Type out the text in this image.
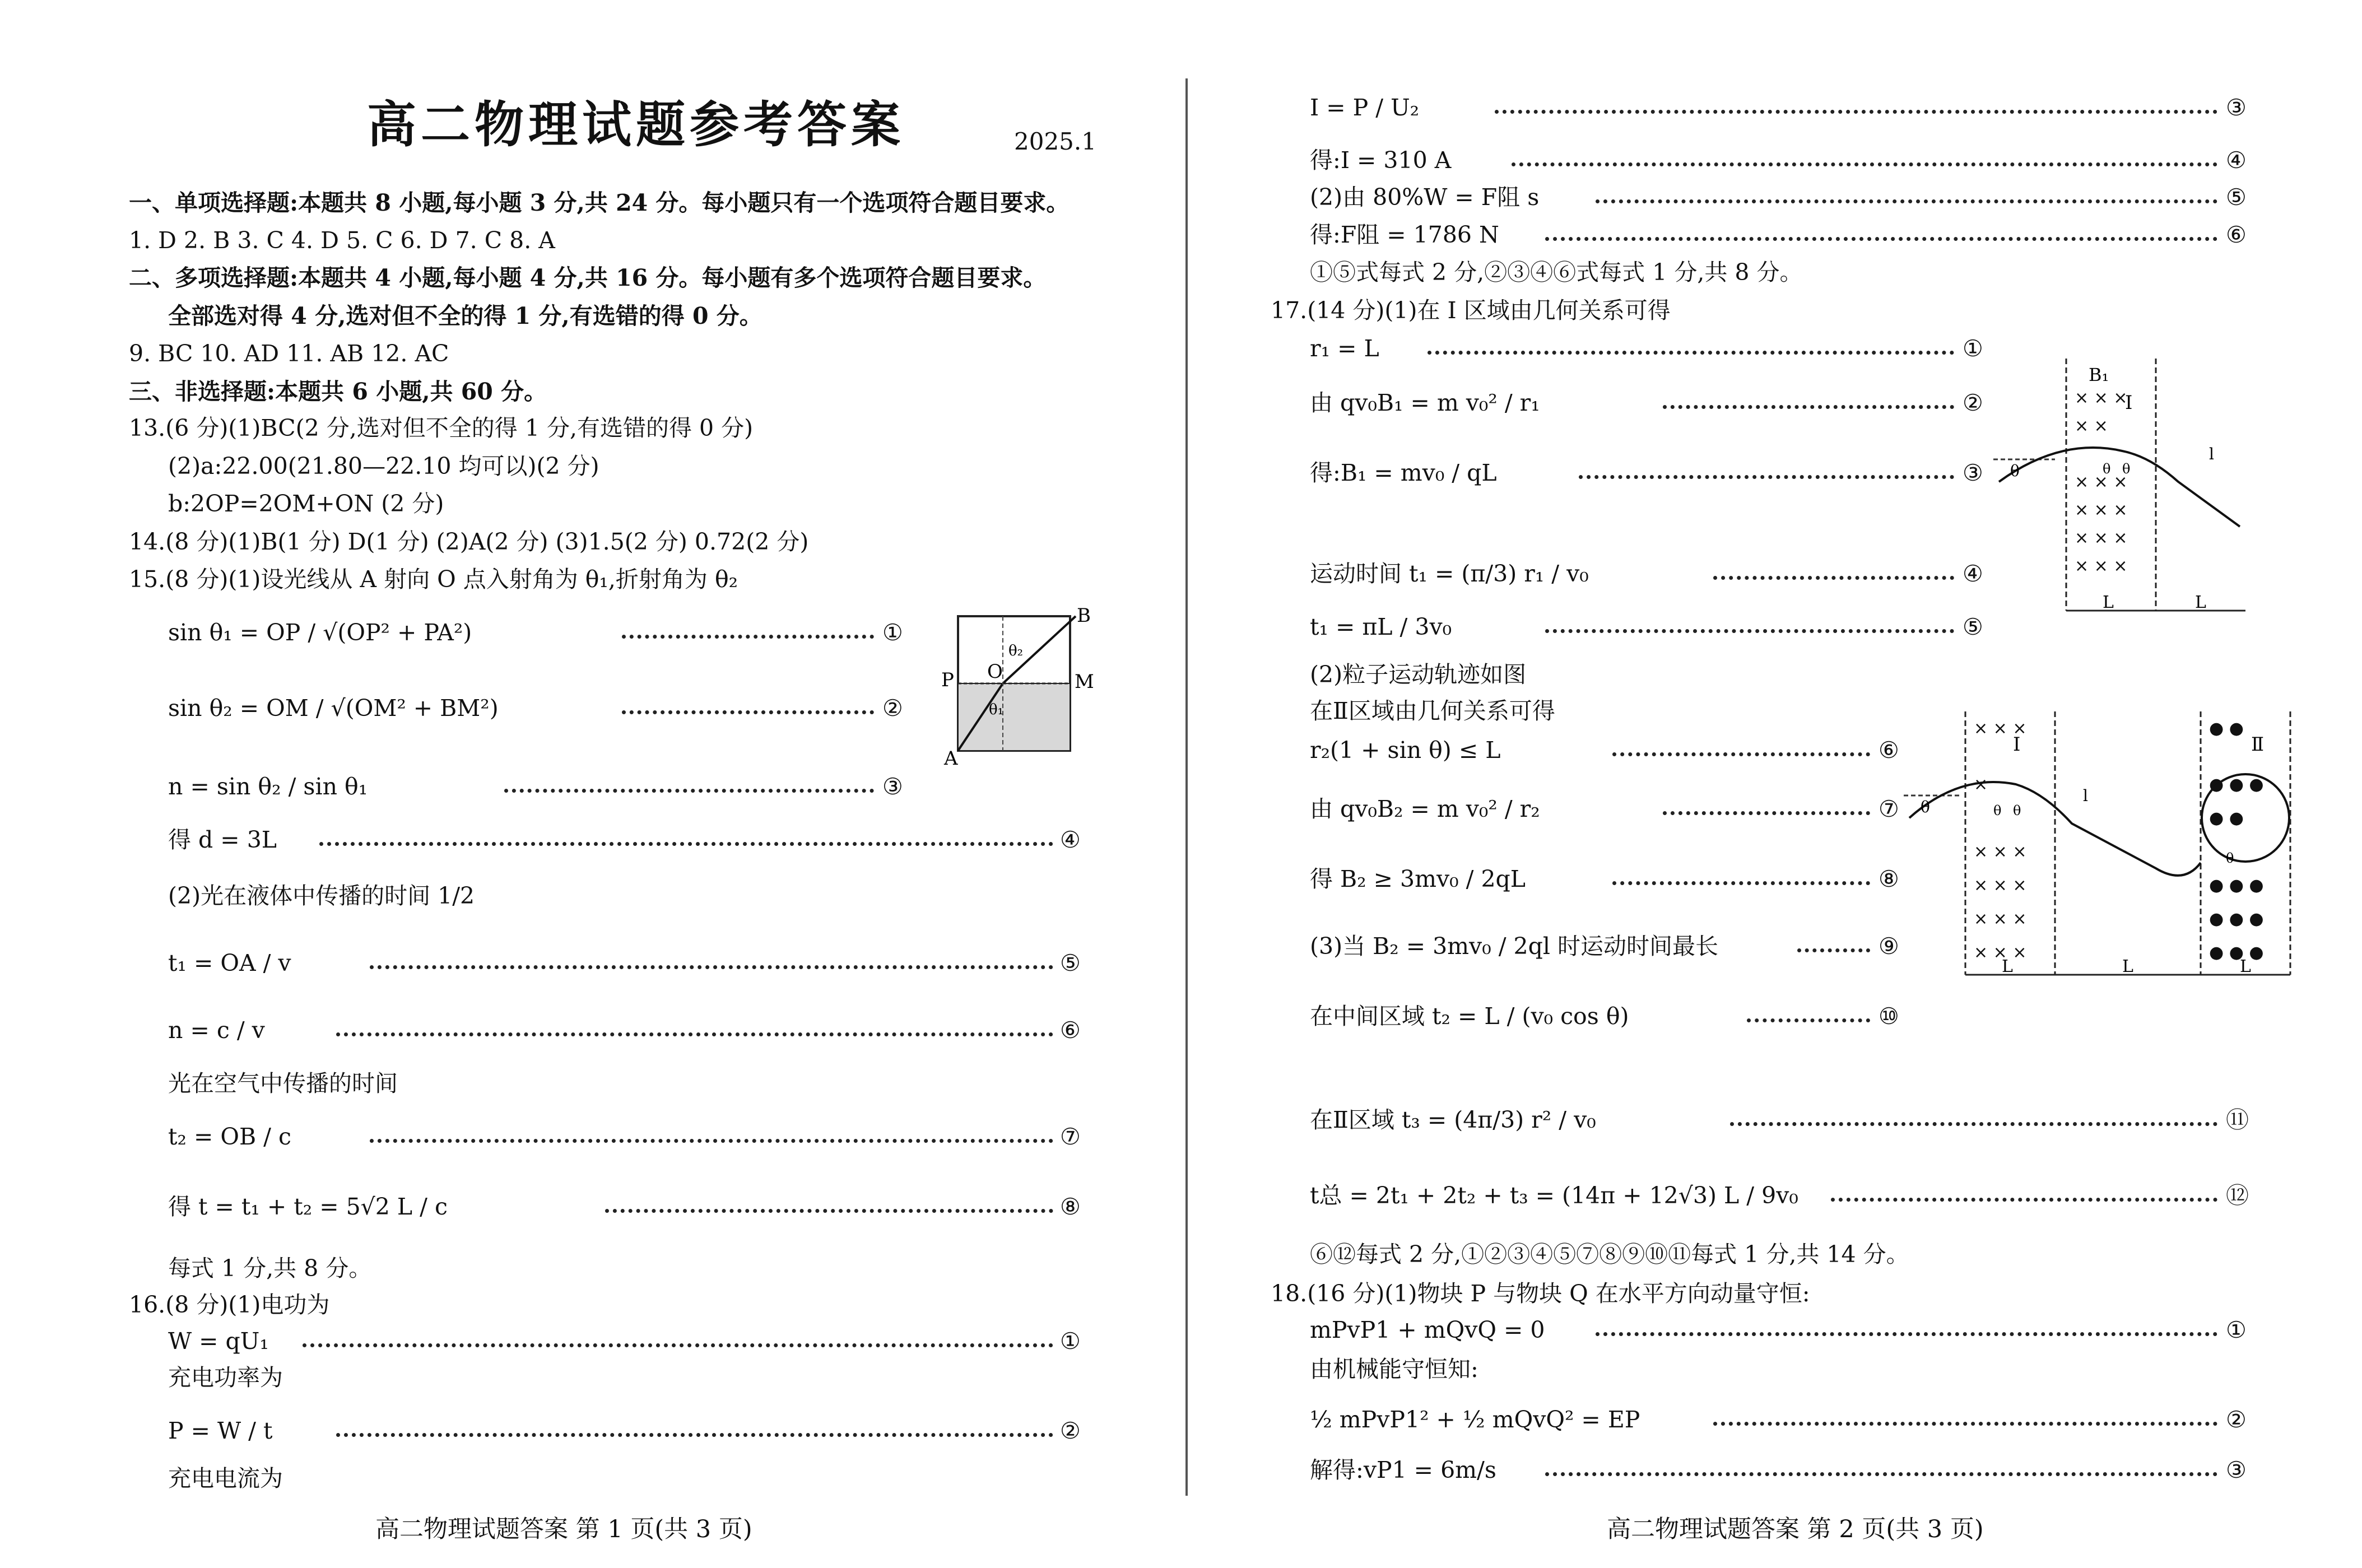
高二物理试题参考答案	2025.1
一、单项选择题:本题共 8 小题,每小题 3 分,共 24 分。每小题只有一个选项符合题目要求。
1. D 2. B 3. C 4. D 5. C 6. D 7. C 8. A
二、多项选择题:本题共 4 小题,每小题 4 分,共 16 分。每小题有多个选项符合题目要求。
全部选对得 4 分,选对但不全的得 1 分,有选错的得 0 分。
9. BC 10. AD 11. AB 12. AC
三、非选择题:本题共 6 小题,共 60 分。
13.(6 分)(1)BC(2 分,选对但不全的得 1 分,有选错的得 0 分)
(2)a:22.00(21.80—22.10 均可以)(2 分)
b:2OP=2OM+ON (2 分)
14.(8 分)(1)B(1 分) D(1 分) (2)A(2 分) (3)1.5(2 分) 0.72(2 分)
15.(8 分)(1)设光线从 A 射向 O 点入射角为 θ₁,折射角为 θ₂
sin θ₁ = OP / √(OP² + PA²)	①
sin θ₂ = OM / √(OM² + BM²)	②
n = sin θ₂ / sin θ₁	③
得 d = 3L	④
(2)光在液体中传播的时间 1/2
t₁ = OA / v	⑤
n = c / v	⑥
光在空气中传播的时间
t₂ = OB / c	⑦
得 t = t₁ + t₂ = 5√2 L / c	⑧
每式 1 分,共 8 分。
16.(8 分)(1)电功为
W = qU₁	①
充电功率为
P = W / t	②
充电电流为
P
B
O	M
θ₂
θ₁
A
高二物理试题答案 第 1 页(共 3 页)
I = P / U₂	③
得:I = 310 A	④
(2)由 80%W = F阻 s	⑤
得:F阻 = 1786 N	⑥
①⑤式每式 2 分,②③④⑥式每式 1 分,共 8 分。
17.(14 分)(1)在 I 区域由几何关系可得
r₁ = L	①
由 qv₀B₁ = m v₀² / r₁	②
得:B₁ = mv₀ / qL	③
运动时间 t₁ = (π/3) r₁ / v₀	④
t₁ = πL / 3v₀	⑤
(2)粒子运动轨迹如图
在Ⅱ区域由几何关系可得
r₂(1 + sin θ) ≤ L	⑥
由 qv₀B₂ = m v₀² / r₂	⑦
得 B₂ ≥ 3mv₀ / 2qL	⑧
(3)当 B₂ = 3mv₀ / 2ql 时运动时间最长	⑨
在中间区域 t₂ = L / (v₀ cos θ)	⑩
在Ⅱ区域 t₃ = (4π/3) r² / v₀	⑪
t总 = 2t₁ + 2t₂ + t₃ = (14π + 12√3) L / 9v₀	⑫
⑥⑫每式 2 分,①②③④⑤⑦⑧⑨⑩⑪每式 1 分,共 14 分。
18.(16 分)(1)物块 P 与物块 Q 在水平方向动量守恒:
mPvP1 + mQvQ = 0	①
由机械能守恒知:
½ mPvP1² + ½ mQvQ² = EP	②
解得:vP1 = 6m/s	③
× × ×
× ×
× × ×
× × ×
× × ×
× × ×
B₁
I
θ	θ θ
l
L	L
× × ×
×
× × ×
× × ×
× × ×
× × ×
● ●
● ● ●
● ●
● ● ●
● ● ●
● ● ●
I	Ⅱ
θ	θ θ
θ
l
L	L	L
高二物理试题答案 第 2 页(共 3 页)
